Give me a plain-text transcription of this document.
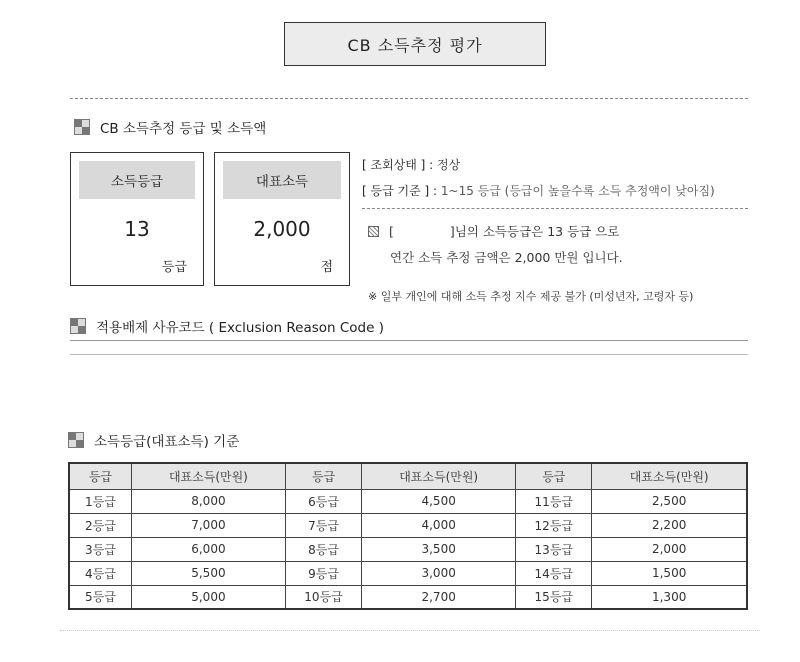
CB 소득추정 평가
CB 소득추정 등급 및 소득액
소득등급
13
등급
대표소득
2,000
점
[ 조회상태 ] : 정상
[ 등급 기준 ] : 1~15 등급 (등급이 높을수록 소득 추정액이 낮아짐)
[	]님의 소득등급은 13 등급 으로
연간 소득 추정 금액은 2,000 만원 입니다.
※ 일부 개인에 대해 소득 추정 지수 제공 불가 (미성년자, 고령자 등)
적용배제 사유코드 ( Exclusion Reason Code )
소득등급(대표소득) 기준
등급	대표소득(만원)	등급	대표소득(만원)	등급	대표소득(만원)
1등급	8,000	6등급	4,500	11등급	2,500
2등급	7,000	7등급	4,000	12등급	2,200
3등급	6,000	8등급	3,500	13등급	2,000
4등급	5,500	9등급	3,000	14등급	1,500
5등급	5,000	10등급	2,700	15등급	1,300
